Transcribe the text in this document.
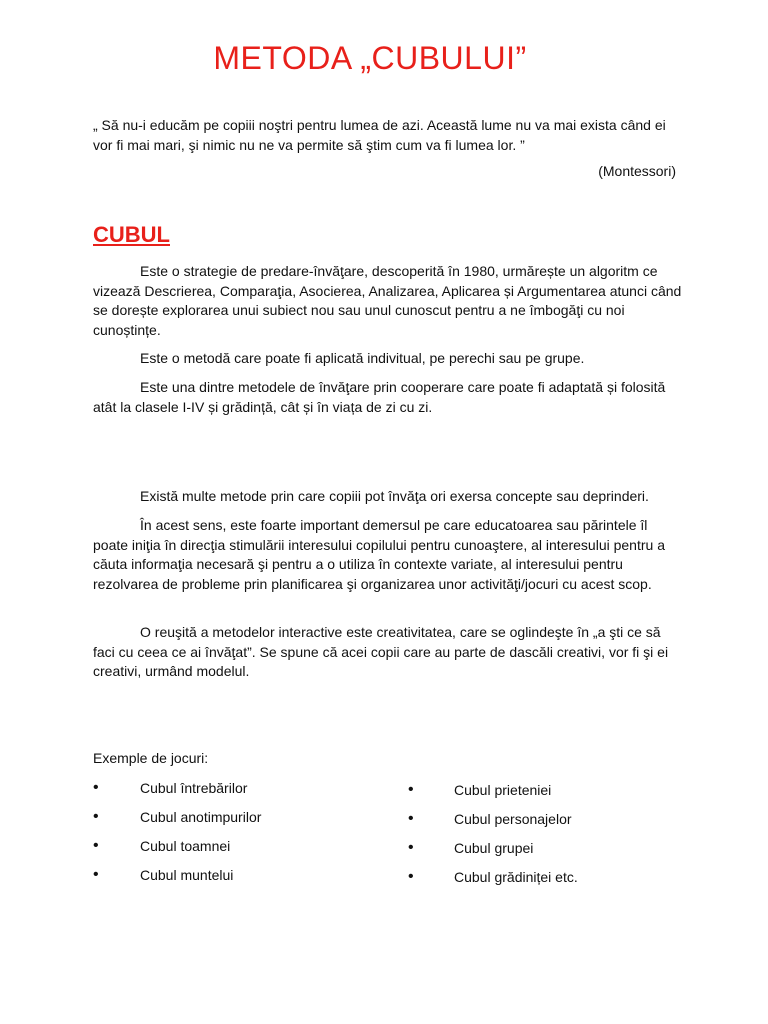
METODA „CUBULUI”
„ Să nu-i educăm pe copiii noştri pentru lumea de azi. Această lume nu va mai exista când ei vor fi mai mari, şi nimic nu ne va permite să ştim cum va fi lumea lor. ”
(Montessori)
CUBUL

Este o strategie de predare-învăţare, descoperită în 1980, urmărește un algoritm ce vizează Descrierea, Comparaţia, Asocierea, Analizarea, Aplicarea și Argumentarea atunci când se dorește explorarea unui subiect nou sau unul cunoscut pentru a ne îmbogăţi cu noi cunoștințe.

Este o metodă care poate fi aplicată indivitual, pe perechi sau pe grupe.

Este una dintre metodele de învăţare prin cooperare care poate fi adaptată și folosită atât la clasele I-IV și grădință, cât și în viața de zi cu zi.

Există multe metode prin care copiii pot învăţa ori exersa concepte sau deprinderi.

În acest sens, este foarte important demersul pe care educatoarea sau părintele îl poate iniţia în direcţia stimulării interesului copilului pentru cunoaştere, al interesului pentru a căuta informaţia necesară şi pentru a o utiliza în contexte variate, al interesului pentru rezolvarea de probleme prin planificarea şi organizarea unor activităţi/jocuri cu acest scop.

O reuşită a metodelor interactive este creativitatea, care se oglindeşte în „a şti ce să faci cu ceea ce ai învăţat”. Se spune că acei copii care au parte de dascăli creativi, vor fi şi ei creativi, urmând modelul.

Exemple de jocuri:
•	Cubul întrebărilor
•	Cubul anotimpurilor
•	Cubul toamnei
•	Cubul muntelui
•	Cubul prieteniei
•	Cubul personajelor
•	Cubul grupei
•	Cubul grădiniței etc.
